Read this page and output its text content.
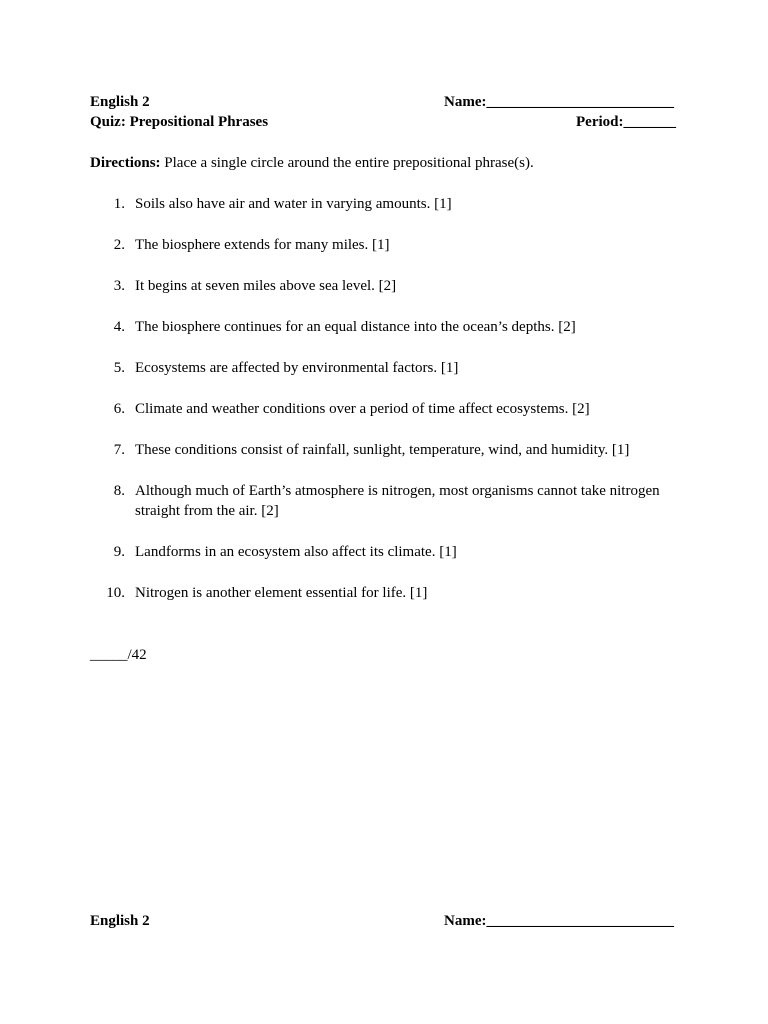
English 2	Name:_________________________
Quiz: Prepositional Phrases	Period:_______
Directions: Place a single circle around the entire prepositional phrase(s).
1. Soils also have air and water in varying amounts. [1]
2. The biosphere extends for many miles. [1]
3. It begins at seven miles above sea level. [2]
4. The biosphere continues for an equal distance into the ocean’s depths. [2]
5. Ecosystems are affected by environmental factors. [1]
6. Climate and weather conditions over a period of time affect ecosystems. [2]
7. These conditions consist of rainfall, sunlight, temperature, wind, and humidity. [1]
8. Although much of Earth’s atmosphere is nitrogen, most organisms cannot take nitrogen straight from the air. [2]
9. Landforms in an ecosystem also affect its climate. [1]
10. Nitrogen is another element essential for life. [1]
_____/42
English 2	Name:_________________________
